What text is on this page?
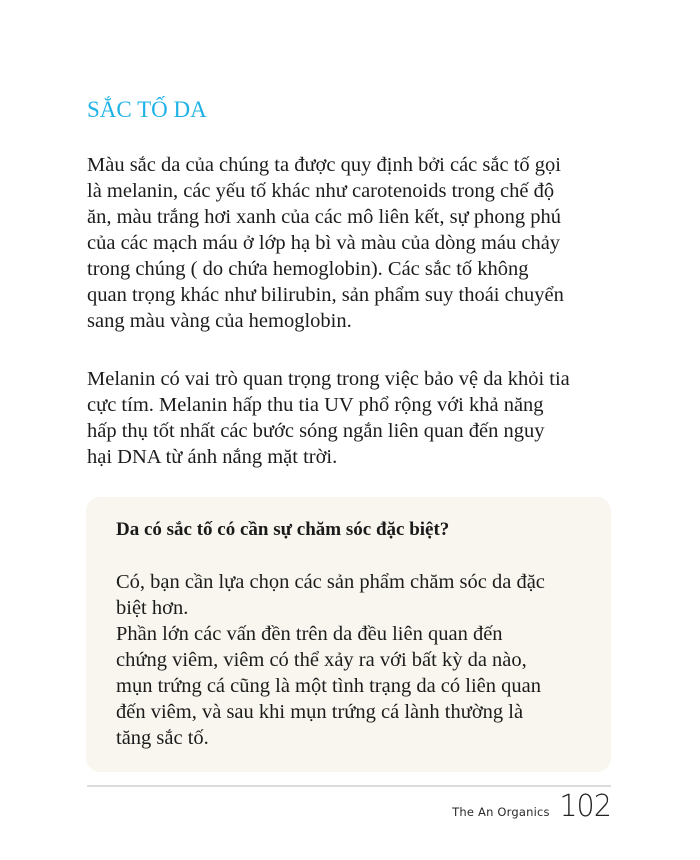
SẮC TỐ DA

Màu sắc da của chúng ta được quy định bởi các sắc tố gọi
là melanin, các yếu tố khác như carotenoids trong chế độ
ăn, màu trắng hơi xanh của các mô liên kết, sự phong phú
của các mạch máu ở lớp hạ bì và màu của dòng máu chảy
trong chúng ( do chứa hemoglobin). Các sắc tố không
quan trọng khác như bilirubin, sản phẩm suy thoái chuyển
sang màu vàng của hemoglobin.

Melanin có vai trò quan trọng trong việc bảo vệ da khỏi tia
cực tím. Melanin hấp thu tia UV phổ rộng với khả năng
hấp thụ tốt nhất các bước sóng ngắn liên quan đến nguy
hại DNA từ ánh nắng mặt trời.

Da có sắc tố có cần sự chăm sóc đặc biệt?

Có, bạn cần lựa chọn các sản phẩm chăm sóc da đặc
biệt hơn.
Phần lớn các vấn đền trên da đều liên quan đến
chứng viêm, viêm có thể xảy ra với bất kỳ da nào,
mụn trứng cá cũng là một tình trạng da có liên quan
đến viêm, và sau khi mụn trứng cá lành thường là
tăng sắc tố.

The An Organics 102
